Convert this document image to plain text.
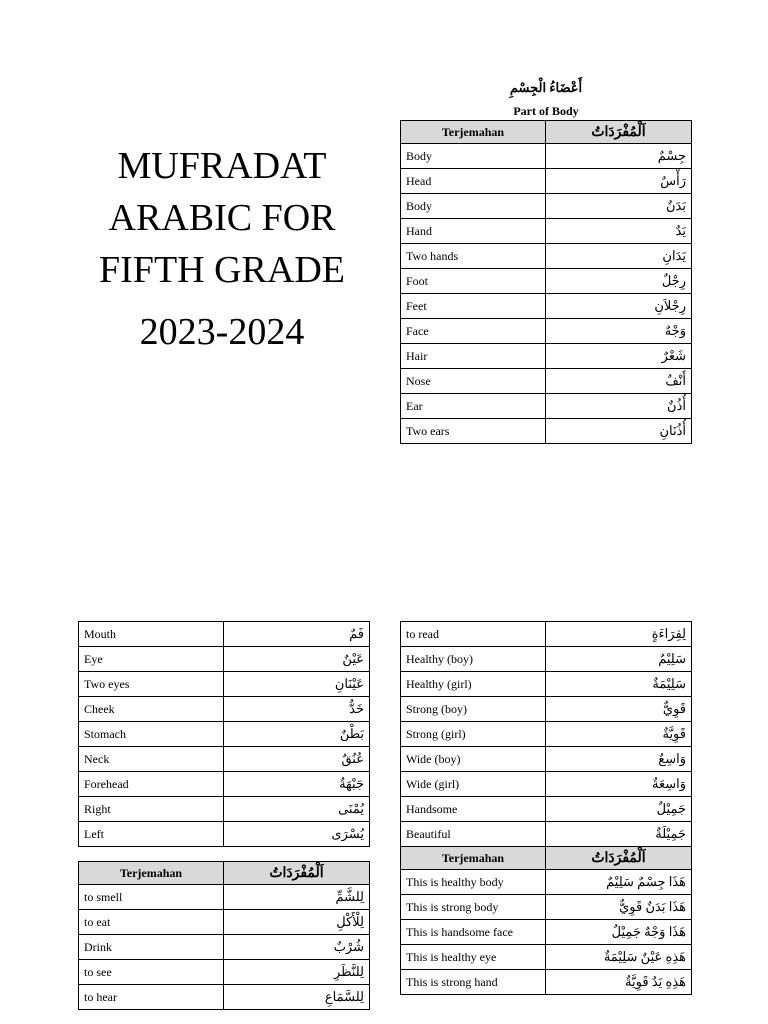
MUFRADAT
ARABIC FOR
FIFTH GRADE
2023-2024
أَعْضَاءُ الْجِسْمِ
Part of Body
Terjemahan	اَلْمُفْرَدَاتُ
Body	جِسْمٌ
Head	رَأْسٌ
Body	بَدَنٌ
Hand	يَدٌ
Two hands	يَدَانِ
Foot	رِجْلٌ
Feet	رِجْلاَنِ
Face	وَجْهٌ
Hair	شَعْرٌ
Nose	أَنْفٌ
Ear	أُذُنٌ
Two ears	أُذُنَانِ
Mouth	فَمٌ
Eye	عَيْنٌ
Two eyes	عَيْنَانِ
Cheek	خَدٌّ
Stomach	بَطْنٌ
Neck	عُنُقٌ
Forehead	جَبْهَةٌ
Right	يُمْنَى
Left	يُسْرَى
Terjemahan	اَلْمُفْرَدَاتُ
to smell	لِلشَّمِّ
to eat	لِلْأَكْلِ
Drink	شُرْبٌ
to see	لِلنَّظَرِ
to hear	لِلسَّمَاعِ
to read	لِقِرَاءَةٍ
Healthy (boy)	سَلِيْمٌ
Healthy (girl)	سَلِيْمَةٌ
Strong (boy)	قَوِيٌّ
Strong (girl)	قَوِيَّةٌ
Wide (boy)	وَاسِعٌ
Wide (girl)	وَاسِعَةٌ
Handsome	جَمِيْلٌ
Beautiful	جَمِيْلَةٌ
Terjemahan	اَلْمُفْرَدَاتُ
This is healthy body	هَذَا جِسْمٌ سَلِيْمٌ
This is strong body	هَذَا بَدَنٌ قَوِيٌّ
This is handsome face	هَذَا وَجْهٌ جَمِيْلٌ
This is healthy eye	هَذِهِ عَيْنٌ سَلِيْمَةٌ
This is strong hand	هَذِهِ يَدٌ قَوِيَّةٌ
